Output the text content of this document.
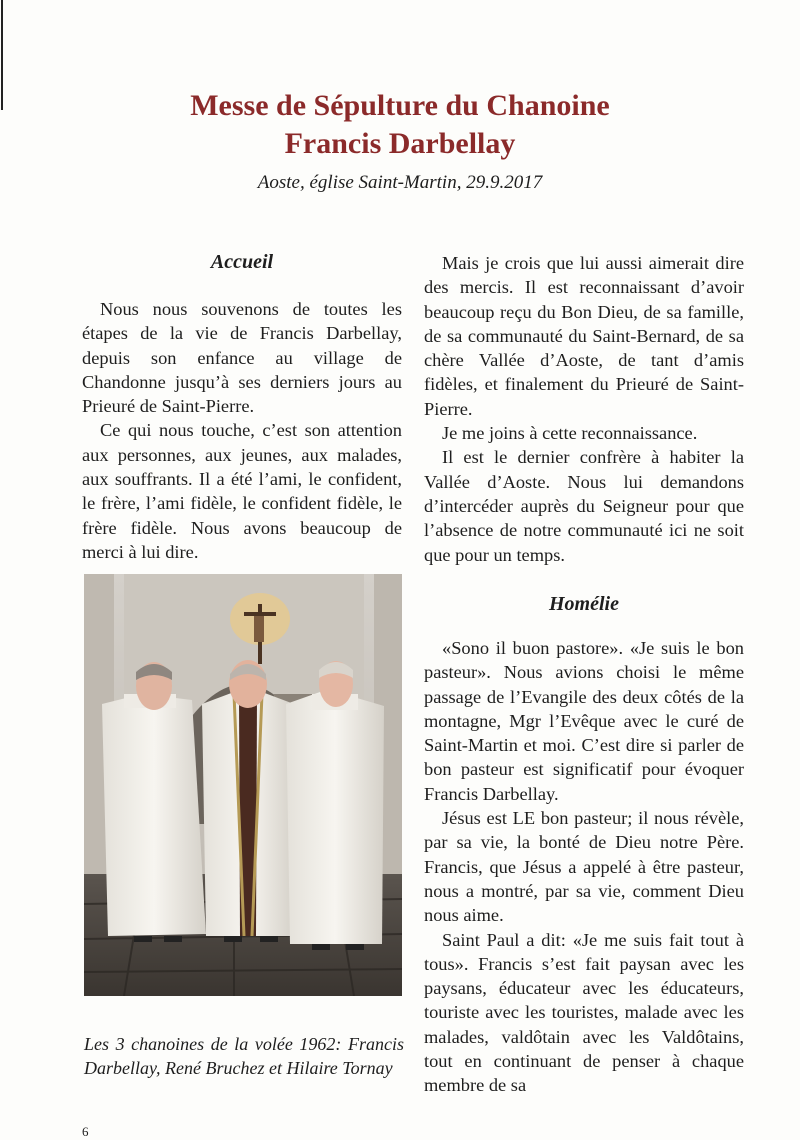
Messe de Sépulture du Chanoine
Francis Darbellay
Aoste, église Saint-Martin, 29.9.2017
Accueil

Nous nous souvenons de toutes les étapes de la vie de Francis Darbellay, depuis son enfance au village de Chandonne jusqu’à ses derniers jours au Prieuré de Saint-Pierre.

Ce qui nous touche, c’est son attention aux personnes, aux jeunes, aux malades, aux souffrants. Il a été l’ami, le confident, le frère, l’ami fidèle, le confident fidèle, le frère fidèle. Nous avons beaucoup de merci à lui dire.

Mais je crois que lui aussi aimerait dire des mercis. Il est reconnaissant d’avoir beaucoup reçu du Bon Dieu, de sa famille, de sa communauté du Saint-Bernard, de sa chère Vallée d’Aoste, de tant d’amis fidèles, et finalement du Prieuré de Saint-Pierre.

Je me joins à cette reconnaissance.

Il est le dernier confrère à habiter la Vallée d’Aoste. Nous lui demandons d’intercéder auprès du Seigneur pour que l’absence de notre communauté ici ne soit que pour un temps.

Les 3 chanoines de la volée 1962: Francis Darbellay, René Bruchez et Hilaire Tornay

Homélie

«Sono il buon pastore». «Je suis le bon pasteur». Nous avions choisi le même passage de l’Evangile des deux côtés de la montagne, Mgr l’Evêque avec le curé de Saint-Martin et moi. C’est dire si parler de bon pasteur est significatif pour évoquer Francis Darbellay.

Jésus est LE bon pasteur; il nous révèle, par sa vie, la bonté de Dieu notre Père. Francis, que Jésus a appelé à être pasteur, nous a montré, par sa vie, comment Dieu nous aime.

Saint Paul a dit: «Je me suis fait tout à tous». Francis s’est fait paysan avec les paysans, éducateur avec les éducateurs, touriste avec les touristes, malade avec les malades, valdôtain avec les Valdôtains, tout en continuant de penser à chaque membre de sa

6
